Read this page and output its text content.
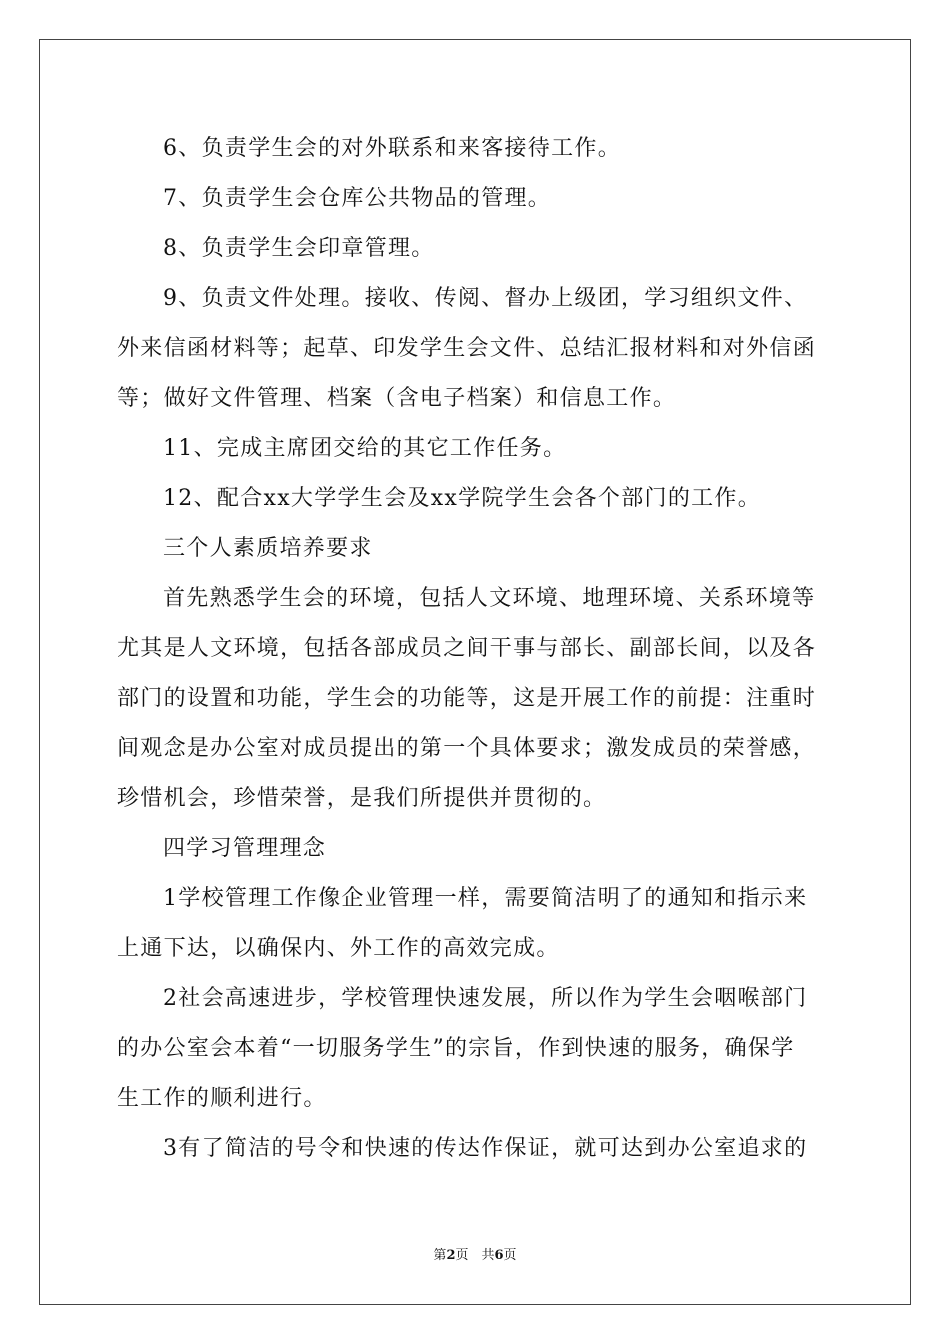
6、负责学生会的对外联系和来客接待工作。
7、负责学生会仓库公共物品的管理。
8、负责学生会印章管理。
9、负责文件处理。接收、传阅、督办上级团，学习组织文件、
外来信函材料等；起草、印发学生会文件、总结汇报材料和对外信函
等；做好文件管理、档案（含电子档案）和信息工作。
11、完成主席团交给的其它工作任务。
12、配合xx大学学生会及xx学院学生会各个部门的工作。
三个人素质培养要求
首先熟悉学生会的环境，包括人文环境、地理环境、关系环境等
尤其是人文环境，包括各部成员之间干事与部长、副部长间，以及各
部门的设置和功能，学生会的功能等，这是开展工作的前提：注重时
间观念是办公室对成员提出的第一个具体要求；激发成员的荣誉感，
珍惜机会，珍惜荣誉，是我们所提供并贯彻的。
四学习管理理念
1学校管理工作像企业管理一样，需要简洁明了的通知和指示来
上通下达，以确保内、外工作的高效完成。
2社会高速进步，学校管理快速发展，所以作为学生会咽喉部门
的办公室会本着“一切服务学生”的宗旨，作到快速的服务，确保学
生工作的顺利进行。
3有了简洁的号令和快速的传达作保证，就可达到办公室追求的
第2页　共6页
